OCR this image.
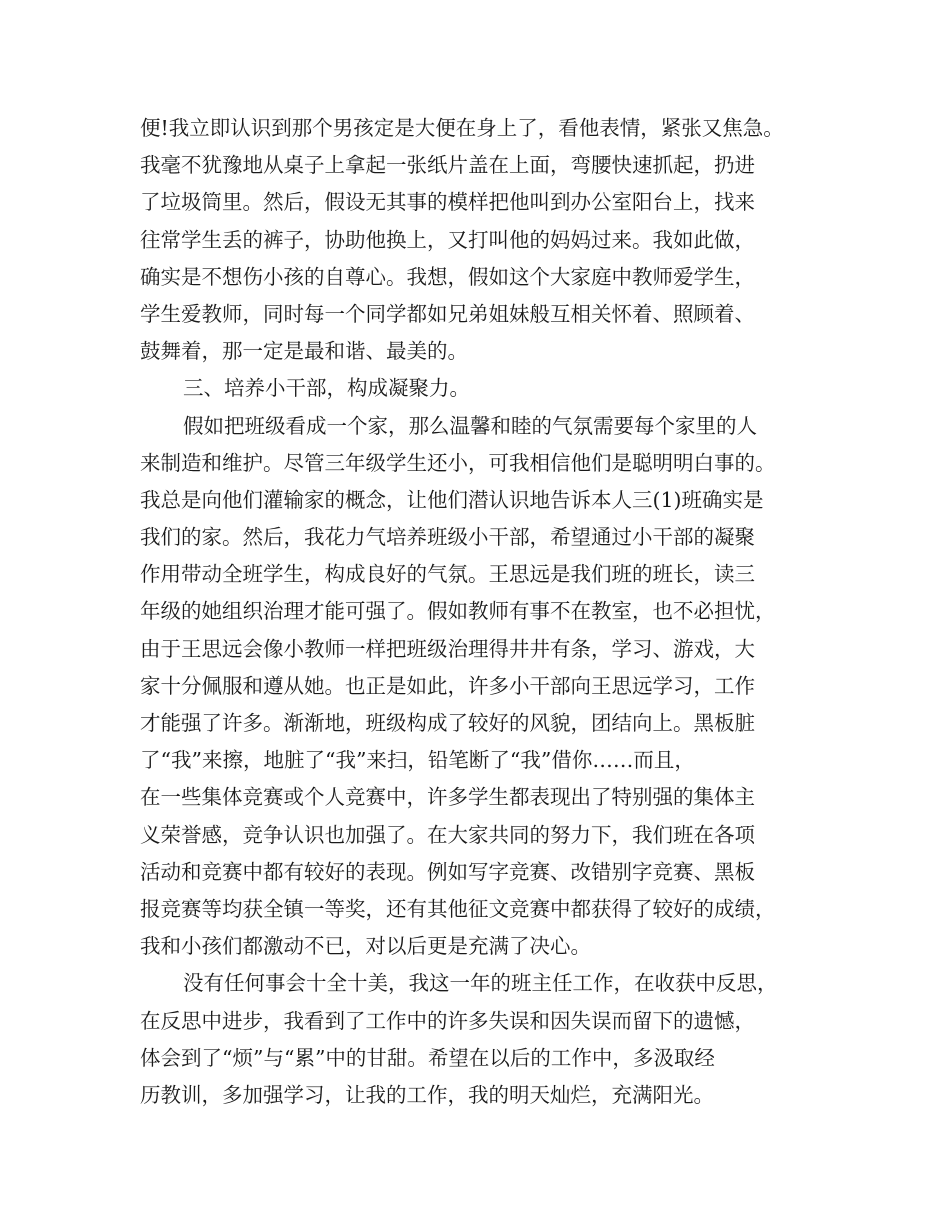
便!我立即认识到那个男孩定是大便在身上了，看他表情，紧张又焦急。
我毫不犹豫地从桌子上拿起一张纸片盖在上面，弯腰快速抓起，扔进
了垃圾筒里。然后，假设无其事的模样把他叫到办公室阳台上，找来
往常学生丢的裤子，协助他换上，又打叫他的妈妈过来。我如此做，
确实是不想伤小孩的自尊心。我想，假如这个大家庭中教师爱学生，
学生爱教师，同时每一个同学都如兄弟姐妹般互相关怀着、照顾着、
鼓舞着，那一定是最和谐、最美的。
三、培养小干部，构成凝聚力。
假如把班级看成一个家，那么温馨和睦的气氛需要每个家里的人
来制造和维护。尽管三年级学生还小，可我相信他们是聪明明白事的。
我总是向他们灌输家的概念，让他们潜认识地告诉本人三(1)班确实是
我们的家。然后，我花力气培养班级小干部，希望通过小干部的凝聚
作用带动全班学生，构成良好的气氛。王思远是我们班的班长，读三
年级的她组织治理才能可强了。假如教师有事不在教室，也不必担忧，
由于王思远会像小教师一样把班级治理得井井有条，学习、游戏，大
家十分佩服和遵从她。也正是如此，许多小干部向王思远学习，工作
才能强了许多。渐渐地，班级构成了较好的风貌，团结向上。黑板脏
了“我”来擦，地脏了“我”来扫，铅笔断了“我”借你……而且，
在一些集体竞赛或个人竞赛中，许多学生都表现出了特别强的集体主
义荣誉感，竞争认识也加强了。在大家共同的努力下，我们班在各项
活动和竞赛中都有较好的表现。例如写字竞赛、改错别字竞赛、黑板
报竞赛等均获全镇一等奖，还有其他征文竞赛中都获得了较好的成绩，
我和小孩们都激动不已，对以后更是充满了决心。
没有任何事会十全十美，我这一年的班主任工作，在收获中反思，
在反思中进步，我看到了工作中的许多失误和因失误而留下的遗憾，
体会到了“烦”与“累”中的甘甜。希望在以后的工作中，多汲取经
历教训，多加强学习，让我的工作，我的明天灿烂，充满阳光。
